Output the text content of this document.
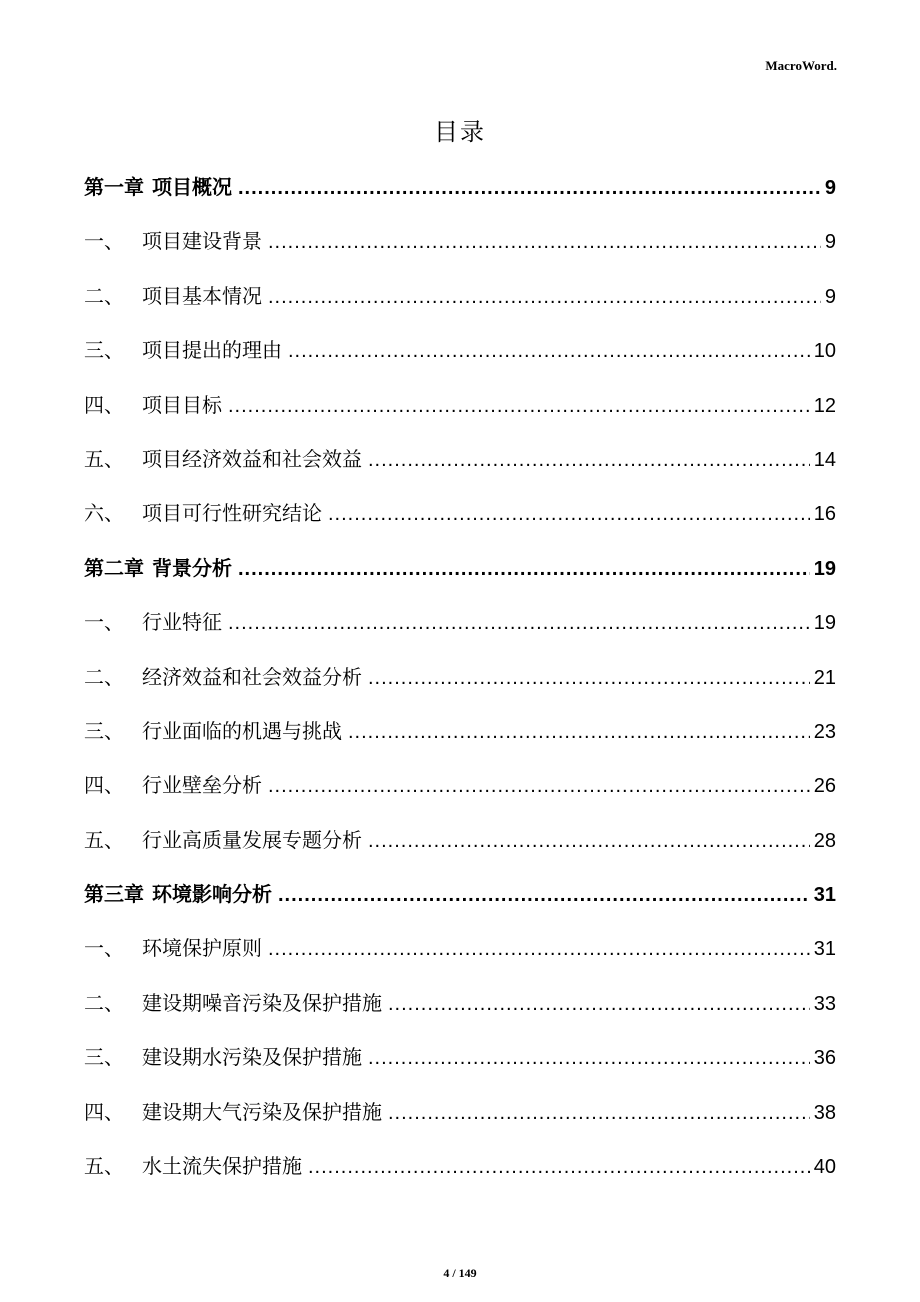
MacroWord.
目录
第一章 项目概况 .....	9
一、 项目建设背景 .....	9
二、 项目基本情况 .....	9
三、 项目提出的理由 .....	10
四、 项目目标 .....	12
五、 项目经济效益和社会效益 .....	14
六、 项目可行性研究结论 .....	16
第二章 背景分析 .....	19
一、 行业特征 .....	19
二、 经济效益和社会效益分析 .....	21
三、 行业面临的机遇与挑战 .....	23
四、 行业壁垒分析 .....	26
五、 行业高质量发展专题分析 .....	28
第三章 环境影响分析 .....	31
一、 环境保护原则 .....	31
二、 建设期噪音污染及保护措施 .....	33
三、 建设期水污染及保护措施 .....	36
四、 建设期大气污染及保护措施 .....	38
五、 水土流失保护措施 .....	40
4 / 149
